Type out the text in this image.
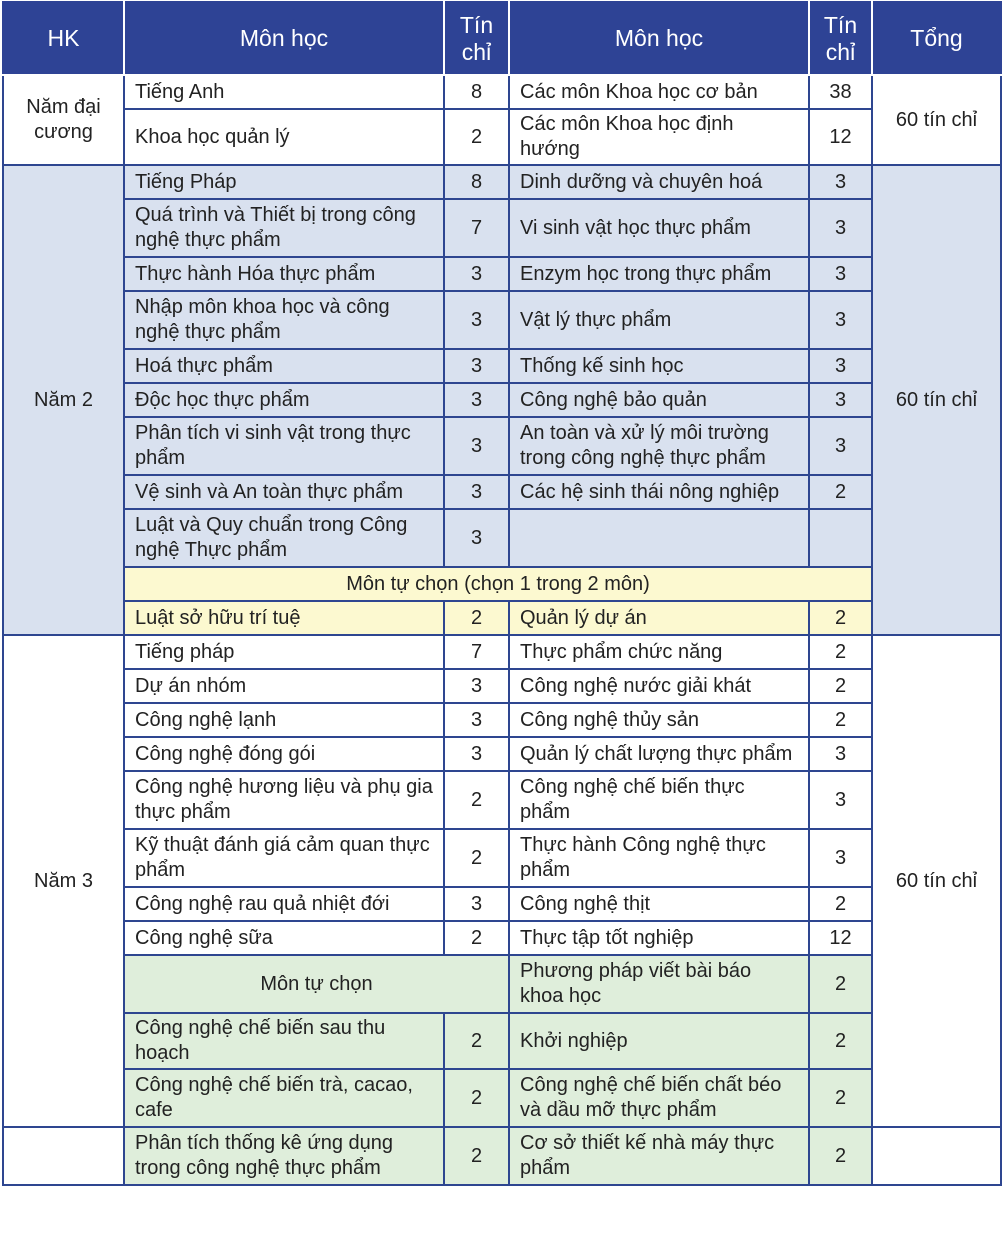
HK	Môn học	Tín chỉ	Môn học	Tín chỉ	Tổng
Năm đại cương	Tiếng Anh	8	Các môn Khoa học cơ bản	38	60 tín chỉ
	Khoa học quản lý	2	Các môn Khoa học định hướng	12	
Năm 2	Tiếng Pháp	8	Dinh dưỡng và chuyên hoá	3	60 tín chỉ
	Quá trình và Thiết bị trong công nghệ thực phẩm	7	Vi sinh vật học thực phẩm	3	
	Thực hành Hóa thực phẩm	3	Enzym học trong thực phẩm	3	
	Nhập môn khoa học và công nghệ thực phẩm	3	Vật lý thực phẩm	3	
	Hoá thực phẩm	3	Thống kế sinh học	3	
	Độc học thực phẩm	3	Công nghệ bảo quản	3	
	Phân tích vi sinh vật trong thực phẩm	3	An toàn và xử lý môi trường trong công nghệ thực phẩm	3	
	Vệ sinh và An toàn thực phẩm	3	Các hệ sinh thái nông nghiệp	2	
	Luật và Quy chuẩn trong Công nghệ Thực phẩm	3			
	Môn tự chọn (chọn 1 trong 2 môn)				
	Luật sở hữu trí tuệ	2	Quản lý dự án	2	
Năm 3	Tiếng pháp	7	Thực phẩm chức năng	2	60 tín chỉ
	Dự án nhóm	3	Công nghệ nước giải khát	2	
	Công nghệ lạnh	3	Công nghệ thủy sản	2	
	Công nghệ đóng gói	3	Quản lý chất lượng thực phẩm	3	
	Công nghệ hương liệu và phụ gia thực phẩm	2	Công nghệ chế biến thực phẩm	3	
	Kỹ thuật đánh giá cảm quan thực phẩm	2	Thực hành Công nghệ thực phẩm	3	
	Công nghệ rau quả nhiệt đới	3	Công nghệ thịt	2	
	Công nghệ sữa	2	Thực tập tốt nghiệp	12	
	Môn tự chọn		Phương pháp viết bài báo khoa học	2	
	Công nghệ chế biến sau thu hoạch	2	Khởi nghiệp	2	
	Công nghệ chế biến trà, cacao, cafe	2	Công nghệ chế biến chất béo và dầu mỡ thực phẩm	2	
	Phân tích thống kê ứng dụng trong công nghệ thực phẩm	2	Cơ sở thiết kế nhà máy thực phẩm	2	
